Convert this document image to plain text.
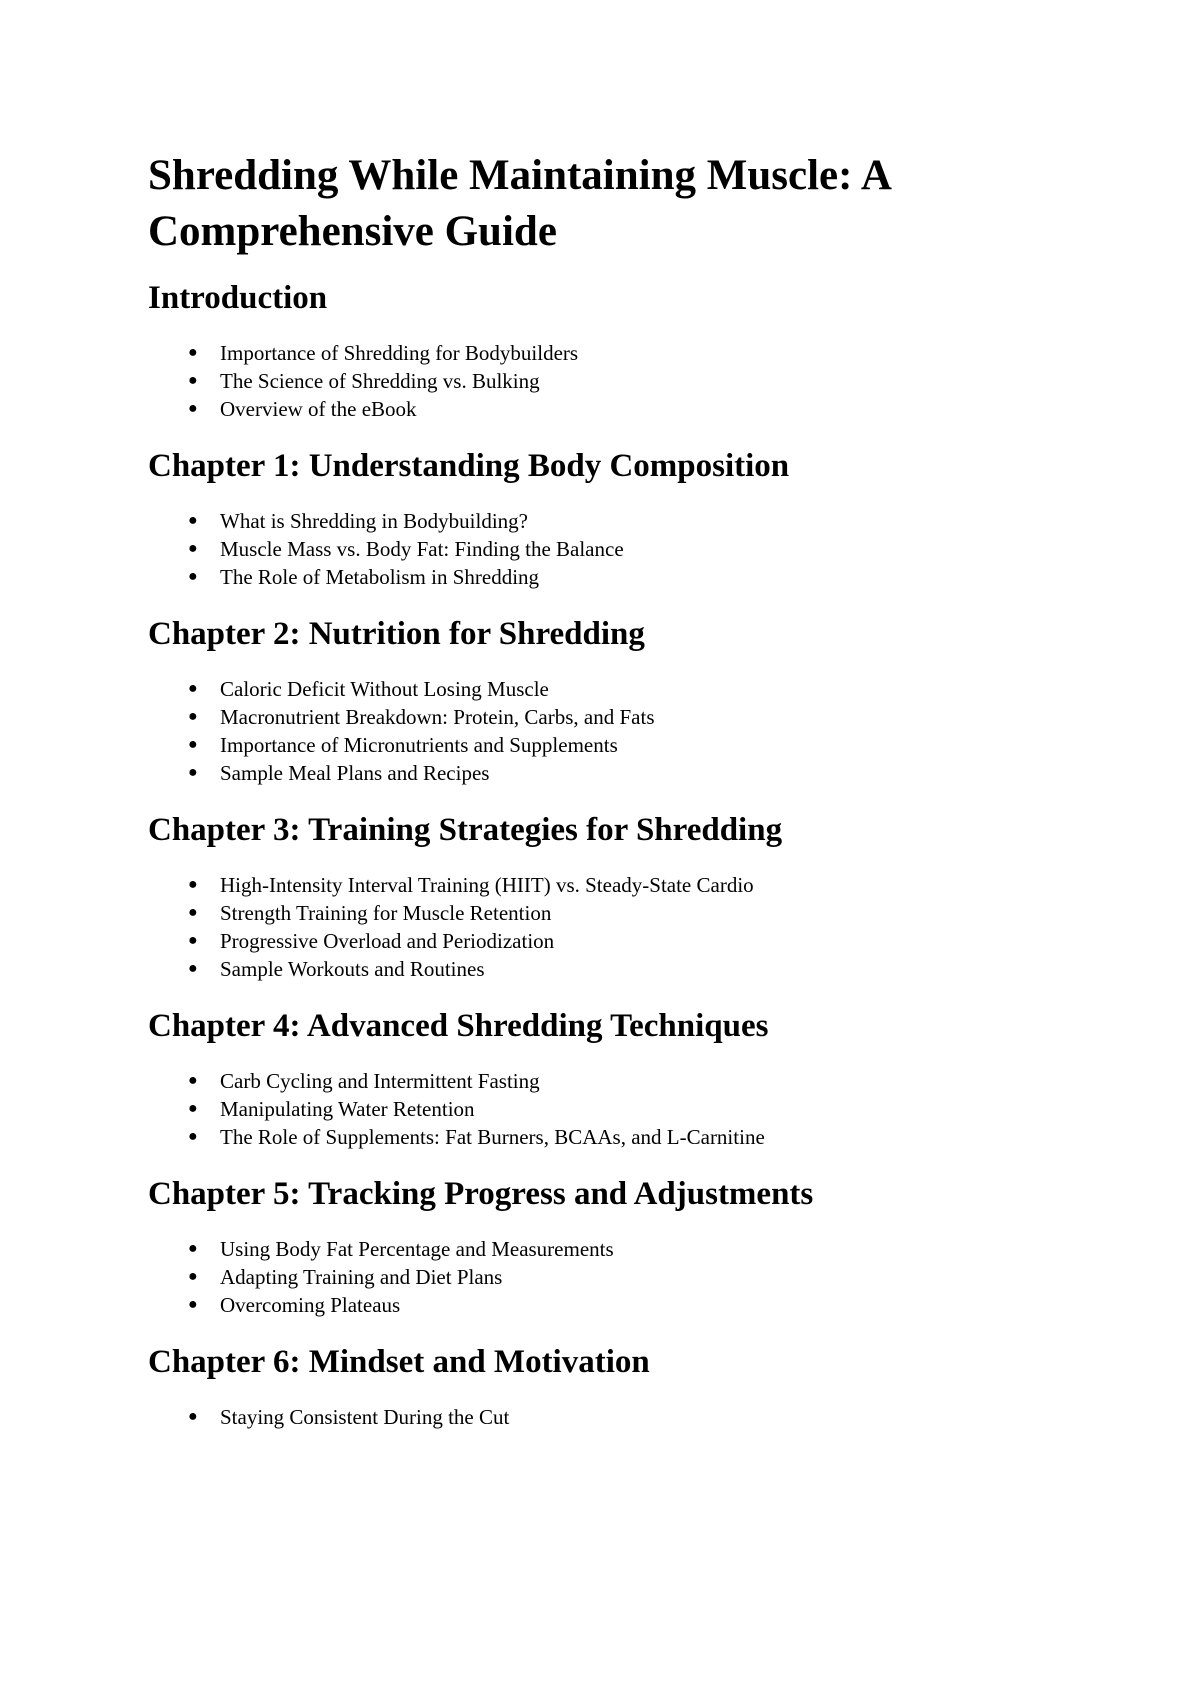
Shredding While Maintaining Muscle: A Comprehensive Guide
Introduction
● Importance of Shredding for Bodybuilders
● The Science of Shredding vs. Bulking
● Overview of the eBook
Chapter 1: Understanding Body Composition
● What is Shredding in Bodybuilding?
● Muscle Mass vs. Body Fat: Finding the Balance
● The Role of Metabolism in Shredding
Chapter 2: Nutrition for Shredding
● Caloric Deficit Without Losing Muscle
● Macronutrient Breakdown: Protein, Carbs, and Fats
● Importance of Micronutrients and Supplements
● Sample Meal Plans and Recipes
Chapter 3: Training Strategies for Shredding
● High-Intensity Interval Training (HIIT) vs. Steady-State Cardio
● Strength Training for Muscle Retention
● Progressive Overload and Periodization
● Sample Workouts and Routines
Chapter 4: Advanced Shredding Techniques
● Carb Cycling and Intermittent Fasting
● Manipulating Water Retention
● The Role of Supplements: Fat Burners, BCAAs, and L-Carnitine
Chapter 5: Tracking Progress and Adjustments
● Using Body Fat Percentage and Measurements
● Adapting Training and Diet Plans
● Overcoming Plateaus
Chapter 6: Mindset and Motivation
● Staying Consistent During the Cut
